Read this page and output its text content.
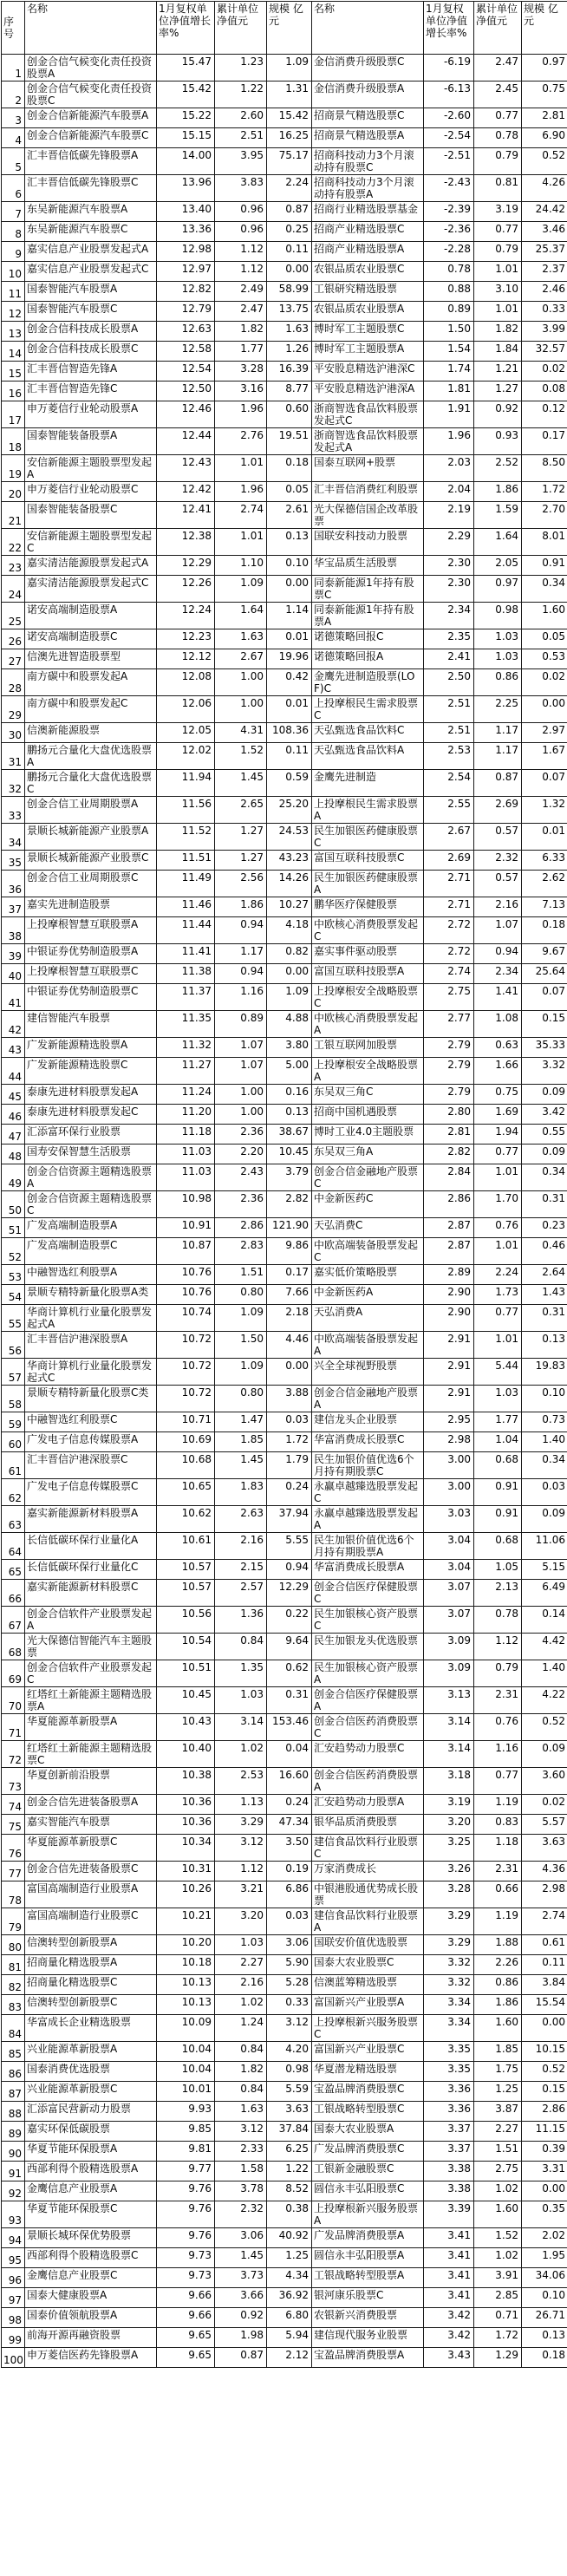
序号	名称	1月复权单位净值增长率%	累计单位净值元	规模 亿元	名称	1月复权单位净值增长率%	累计单位净值元	规模 亿元
1	创金合信气候变化责任投资股票A	15.47	1.23	1.09	金信消费升级股票C	-6.19	2.47	0.97
2	创金合信气候变化责任投资股票C	15.42	1.22	1.31	金信消费升级股票A	-6.13	2.45	0.75
3	创金合信新能源汽车股票A	15.22	2.60	15.42	招商景气精选股票C	-2.60	0.77	2.81
4	创金合信新能源汽车股票C	15.15	2.51	16.25	招商景气精选股票A	-2.54	0.78	6.90
5	汇丰晋信低碳先锋股票A	14.00	3.95	75.17	招商科技动力3个月滚动持有股票C	-2.51	0.79	0.52
6	汇丰晋信低碳先锋股票C	13.96	3.83	2.24	招商科技动力3个月滚动持有股票A	-2.43	0.81	4.26
7	东吴新能源汽车股票A	13.40	0.96	0.87	招商行业精选股票基金	-2.39	3.19	24.42
8	东吴新能源汽车股票C	13.36	0.96	0.25	招商产业精选股票C	-2.36	0.77	3.46
9	嘉实信息产业股票发起式A	12.98	1.12	0.11	招商产业精选股票A	-2.28	0.79	25.37
10	嘉实信息产业股票发起式C	12.97	1.12	0.00	农银品质农业股票C	0.78	1.01	2.37
11	国泰智能汽车股票A	12.82	2.49	58.99	工银研究精选股票	0.88	3.10	2.46
12	国泰智能汽车股票C	12.79	2.47	13.75	农银品质农业股票A	0.89	1.01	0.33
13	创金合信科技成长股票A	12.63	1.82	1.63	博时军工主题股票C	1.50	1.82	3.99
14	创金合信科技成长股票C	12.58	1.77	1.26	博时军工主题股票A	1.54	1.84	32.57
15	汇丰晋信智造先锋A	12.54	3.28	16.39	平安股息精选沪港深C	1.74	1.21	0.02
16	汇丰晋信智造先锋C	12.50	3.16	8.77	平安股息精选沪港深A	1.81	1.27	0.08
17	申万菱信行业轮动股票A	12.46	1.96	0.60	浙商智选食品饮料股票发起式C	1.91	0.92	0.12
18	国泰智能装备股票A	12.44	2.76	19.51	浙商智选食品饮料股票发起式A	1.96	0.93	0.17
19	安信新能源主题股票型发起A	12.43	1.01	0.18	国泰互联网+股票	2.03	2.52	8.50
20	申万菱信行业轮动股票C	12.42	1.96	0.05	汇丰晋信消费红利股票	2.04	1.86	1.72
21	国泰智能装备股票C	12.41	2.74	2.61	光大保德信国企改革股票	2.19	1.59	2.70
22	安信新能源主题股票型发起C	12.38	1.01	0.13	国联安科技动力股票	2.29	1.64	8.01
23	嘉实清洁能源股票发起式A	12.29	1.10	0.10	华宝品质生活股票	2.30	2.05	0.91
24	嘉实清洁能源股票发起式C	12.26	1.09	0.00	同泰新能源1年持有股票C	2.30	0.97	0.34
25	诺安高端制造股票A	12.24	1.64	1.14	同泰新能源1年持有股票A	2.34	0.98	1.60
26	诺安高端制造股票C	12.23	1.63	0.01	诺德策略回报C	2.35	1.03	0.05
27	信澳先进智造股票型	12.12	2.67	19.96	诺德策略回报A	2.41	1.03	0.53
28	南方碳中和股票发起A	12.08	1.00	0.42	金鹰先进制造股票(LOF)C	2.50	0.86	0.02
29	南方碳中和股票发起C	12.06	1.00	0.01	上投摩根民生需求股票C	2.51	2.25	0.00
30	信澳新能源股票	12.05	4.31	108.36	天弘甄选食品饮料C	2.51	1.17	2.97
31	鹏扬元合量化大盘优选股票A	12.02	1.52	0.11	天弘甄选食品饮料A	2.53	1.17	1.67
32	鹏扬元合量化大盘优选股票C	11.94	1.45	0.59	金鹰先进制造	2.54	0.87	0.07
33	创金合信工业周期股票A	11.56	2.65	25.20	上投摩根民生需求股票A	2.55	2.69	1.32
34	景顺长城新能源产业股票A	11.52	1.27	24.53	民生加银医药健康股票C	2.67	0.57	0.01
35	景顺长城新能源产业股票C	11.51	1.27	43.23	富国互联科技股票C	2.69	2.32	6.33
36	创金合信工业周期股票C	11.49	2.56	14.26	民生加银医药健康股票A	2.71	0.57	2.62
37	嘉实先进制造股票	11.46	1.86	10.27	鹏华医疗保健股票	2.71	2.16	7.13
38	上投摩根智慧互联股票A	11.44	0.94	4.18	中欧核心消费股票发起C	2.72	1.07	0.18
39	中银证券优势制造股票A	11.41	1.17	0.82	嘉实事件驱动股票	2.72	0.94	9.67
40	上投摩根智慧互联股票C	11.38	0.94	0.00	富国互联科技股票A	2.74	2.34	25.64
41	中银证券优势制造股票C	11.37	1.16	1.09	上投摩根安全战略股票C	2.75	1.41	0.07
42	建信智能汽车股票	11.35	0.89	4.88	中欧核心消费股票发起A	2.77	1.08	0.15
43	广发新能源精选股票A	11.32	1.07	3.80	工银互联网加股票	2.79	0.63	35.33
44	广发新能源精选股票C	11.27	1.07	5.00	上投摩根安全战略股票A	2.79	1.66	3.32
45	泰康先进材料股票发起A	11.24	1.00	0.16	东吴双三角C	2.79	0.75	0.09
46	泰康先进材料股票发起C	11.20	1.00	0.13	招商中国机遇股票	2.80	1.69	3.42
47	汇添富环保行业股票	11.18	2.36	38.67	博时工业4.0主题股票	2.81	1.94	0.55
48	国寿安保智慧生活股票	11.03	2.20	10.45	东吴双三角A	2.82	0.77	0.09
49	创金合信资源主题精选股票A	11.03	2.43	3.79	创金合信金融地产股票C	2.84	1.01	0.34
50	创金合信资源主题精选股票C	10.98	2.36	2.82	中金新医药C	2.86	1.70	0.31
51	广发高端制造股票A	10.91	2.86	121.90	天弘消费C	2.87	0.76	0.23
52	广发高端制造股票C	10.87	2.83	9.86	中欧高端装备股票发起C	2.87	1.01	0.46
53	中融智选红利股票A	10.76	1.51	0.17	嘉实低价策略股票	2.89	2.24	2.64
54	景顺专精特新量化股票A类	10.76	0.80	7.66	中金新医药A	2.90	1.73	1.43
55	华商计算机行业量化股票发起式A	10.74	1.09	2.18	天弘消费A	2.90	0.77	0.31
56	汇丰晋信沪港深股票A	10.72	1.50	4.46	中欧高端装备股票发起A	2.91	1.01	0.13
57	华商计算机行业量化股票发起式C	10.72	1.09	0.00	兴全全球视野股票	2.91	5.44	19.83
58	景顺专精特新量化股票C类	10.72	0.80	3.88	创金合信金融地产股票A	2.91	1.03	0.10
59	中融智选红利股票C	10.71	1.47	0.03	建信龙头企业股票	2.95	1.77	0.73
60	广发电子信息传媒股票A	10.69	1.85	1.72	华富消费成长股票C	2.98	1.04	1.40
61	汇丰晋信沪港深股票C	10.68	1.45	1.79	民生加银价值优选6个月持有期股票C	3.00	0.68	0.34
62	广发电子信息传媒股票C	10.65	1.83	0.24	永赢卓越臻选股票发起C	3.00	0.91	0.03
63	嘉实新能源新材料股票A	10.62	2.63	37.94	永赢卓越臻选股票发起A	3.03	0.91	0.09
64	长信低碳环保行业量化A	10.61	2.16	5.55	民生加银价值优选6个月持有期股票A	3.04	0.68	11.06
65	长信低碳环保行业量化C	10.57	2.15	0.94	华富消费成长股票A	3.04	1.05	5.15
66	嘉实新能源新材料股票C	10.57	2.57	12.29	创金合信医疗保健股票C	3.07	2.13	6.49
67	创金合信软件产业股票发起A	10.56	1.36	0.22	民生加银核心资产股票C	3.07	0.78	0.14
68	光大保德信智能汽车主题股票	10.54	0.84	9.64	民生加银龙头优选股票	3.09	1.12	4.42
69	创金合信软件产业股票发起C	10.51	1.35	0.62	民生加银核心资产股票A	3.09	0.79	1.40
70	红塔红土新能源主题精选股票A	10.45	1.03	0.31	创金合信医疗保健股票A	3.13	2.31	4.22
71	华夏能源革新股票A	10.43	3.14	153.46	创金合信医药消费股票C	3.14	0.76	0.52
72	红塔红土新能源主题精选股票C	10.40	1.02	0.04	汇安趋势动力股票C	3.14	1.16	0.09
73	华夏创新前沿股票	10.38	2.53	16.60	创金合信医药消费股票A	3.18	0.77	3.60
74	创金合信先进装备股票A	10.36	1.13	0.24	汇安趋势动力股票A	3.19	1.19	0.02
75	嘉实智能汽车股票	10.36	3.29	47.34	银华品质消费股票	3.20	0.83	5.57
76	华夏能源革新股票C	10.34	3.12	3.50	建信食品饮料行业股票C	3.25	1.18	3.63
77	创金合信先进装备股票C	10.31	1.12	0.19	万家消费成长	3.26	2.31	4.36
78	富国高端制造行业股票A	10.26	3.21	6.86	中银港股通优势成长股票	3.28	0.66	2.98
79	富国高端制造行业股票C	10.21	3.20	0.03	建信食品饮料行业股票A	3.29	1.19	2.74
80	信澳转型创新股票A	10.20	1.03	3.06	国联安价值优选股票	3.29	1.88	0.61
81	招商量化精选股票A	10.18	2.27	5.90	国泰大农业股票C	3.32	2.26	0.11
82	招商量化精选股票C	10.13	2.16	5.28	信澳蓝筹精选股票	3.32	0.86	3.84
83	信澳转型创新股票C	10.13	1.02	0.33	富国新兴产业股票A	3.34	1.86	15.54
84	华富成长企业精选股票	10.09	1.24	3.12	上投摩根新兴服务股票C	3.34	1.60	0.00
85	兴业能源革新股票A	10.04	0.84	4.20	富国新兴产业股票C	3.35	1.85	10.15
86	国泰消费优选股票	10.04	1.82	0.98	华夏潜龙精选股票	3.35	1.75	0.52
87	兴业能源革新股票C	10.01	0.84	5.59	宝盈品牌消费股票C	3.36	1.25	0.15
88	汇添富民营新动力股票	9.93	1.63	3.63	工银战略转型股票C	3.36	3.87	2.86
89	嘉实环保低碳股票	9.85	3.12	37.84	国泰大农业股票A	3.37	2.27	11.15
90	华夏节能环保股票A	9.81	2.33	6.25	广发品牌消费股票C	3.37	1.51	0.39
91	西部利得个股精选股票A	9.77	1.58	1.22	工银新金融股票C	3.38	2.75	3.31
92	金鹰信息产业股票A	9.76	3.78	8.52	圆信永丰弘阳股票C	3.38	1.02	0.00
93	华夏节能环保股票C	9.76	2.32	0.38	上投摩根新兴服务股票A	3.39	1.60	0.35
94	景顺长城环保优势股票	9.76	3.06	40.92	广发品牌消费股票A	3.41	1.52	2.02
95	西部利得个股精选股票C	9.73	1.45	1.25	圆信永丰弘阳股票A	3.41	1.02	1.95
96	金鹰信息产业股票C	9.73	3.73	4.34	工银战略转型股票A	3.41	3.91	34.06
97	国泰大健康股票A	9.66	3.66	36.92	银河康乐股票C	3.41	2.85	0.10
98	国泰价值领航股票A	9.66	0.92	6.80	农银新兴消费股票	3.42	0.71	26.71
99	前海开源再融资股票	9.65	1.98	5.94	建信现代服务业股票	3.42	1.72	0.13
100	申万菱信医药先锋股票A	9.65	0.87	2.12	宝盈品牌消费股票A	3.43	1.29	0.18
